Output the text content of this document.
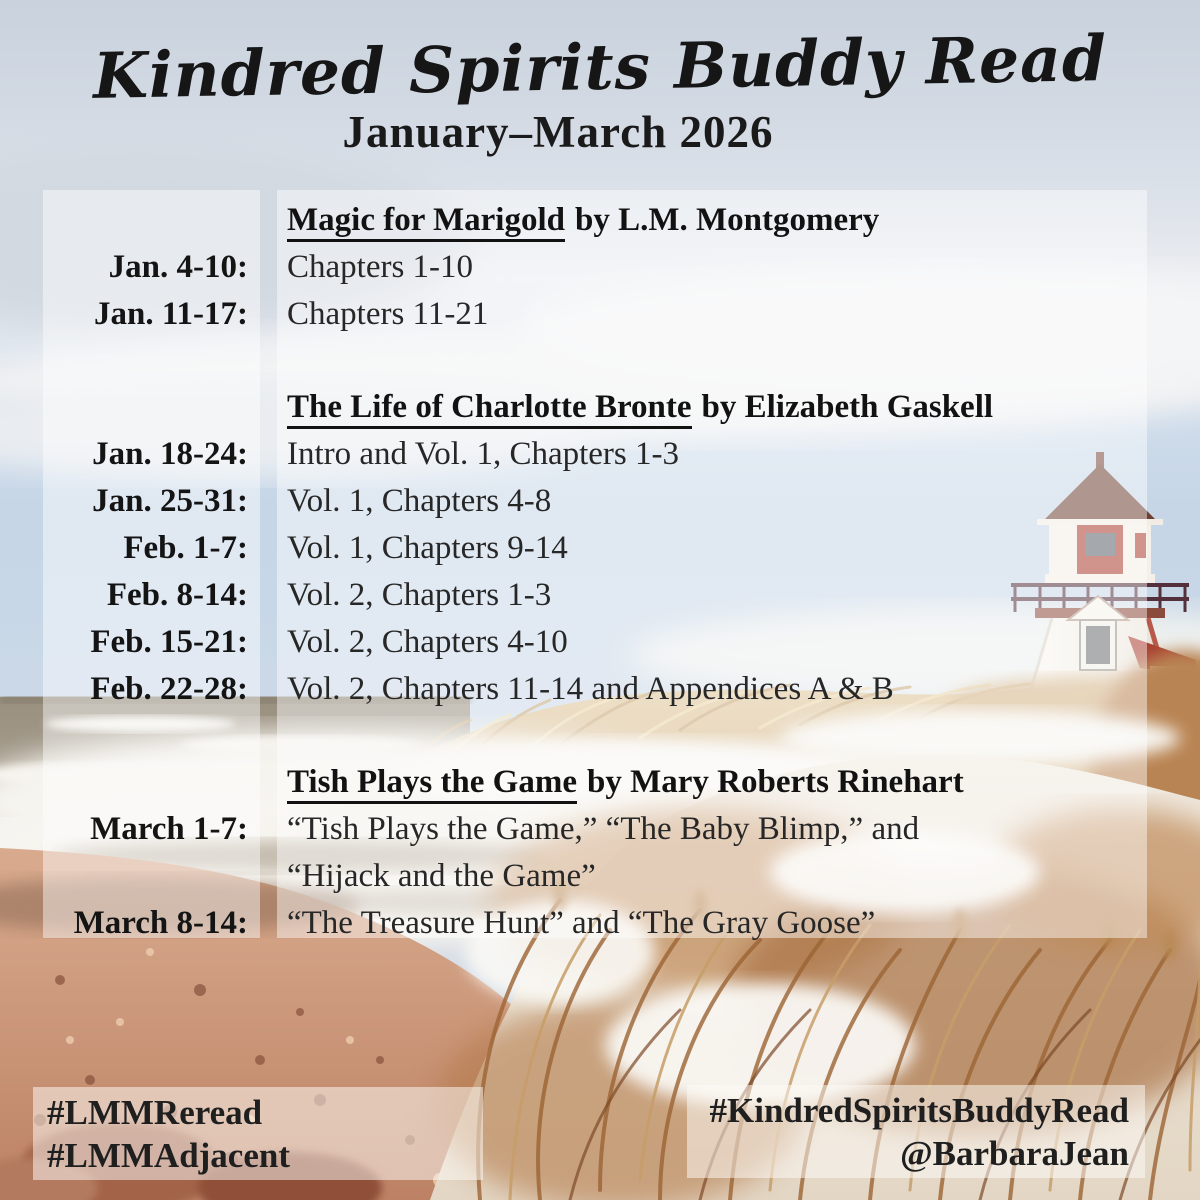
Kindred Spirits Buddy Read
January–March 2026
Magic for Marigold by L.M. Montgomery
Jan. 4-10:	Chapters 1-10
Jan. 11-17:	Chapters 11-21
The Life of Charlotte Bronte by Elizabeth Gaskell
Jan. 18-24:	Intro and Vol. 1, Chapters 1-3
Jan. 25-31:	Vol. 1, Chapters 4-8
Feb. 1-7:	Vol. 1, Chapters 9-14
Feb. 8-14:	Vol. 2, Chapters 1-3
Feb. 15-21:	Vol. 2, Chapters 4-10
Feb. 22-28:	Vol. 2, Chapters 11-14 and Appendices A & B
Tish Plays the Game by Mary Roberts Rinehart
March 1-7:	“Tish Plays the Game,” “The Baby Blimp,” and
“Hijack and the Game”
March 8-14:	“The Treasure Hunt” and “The Gray Goose”
#LMMReread
#LMMAdjacent
#KindredSpiritsBuddyRead
@BarbaraJean
